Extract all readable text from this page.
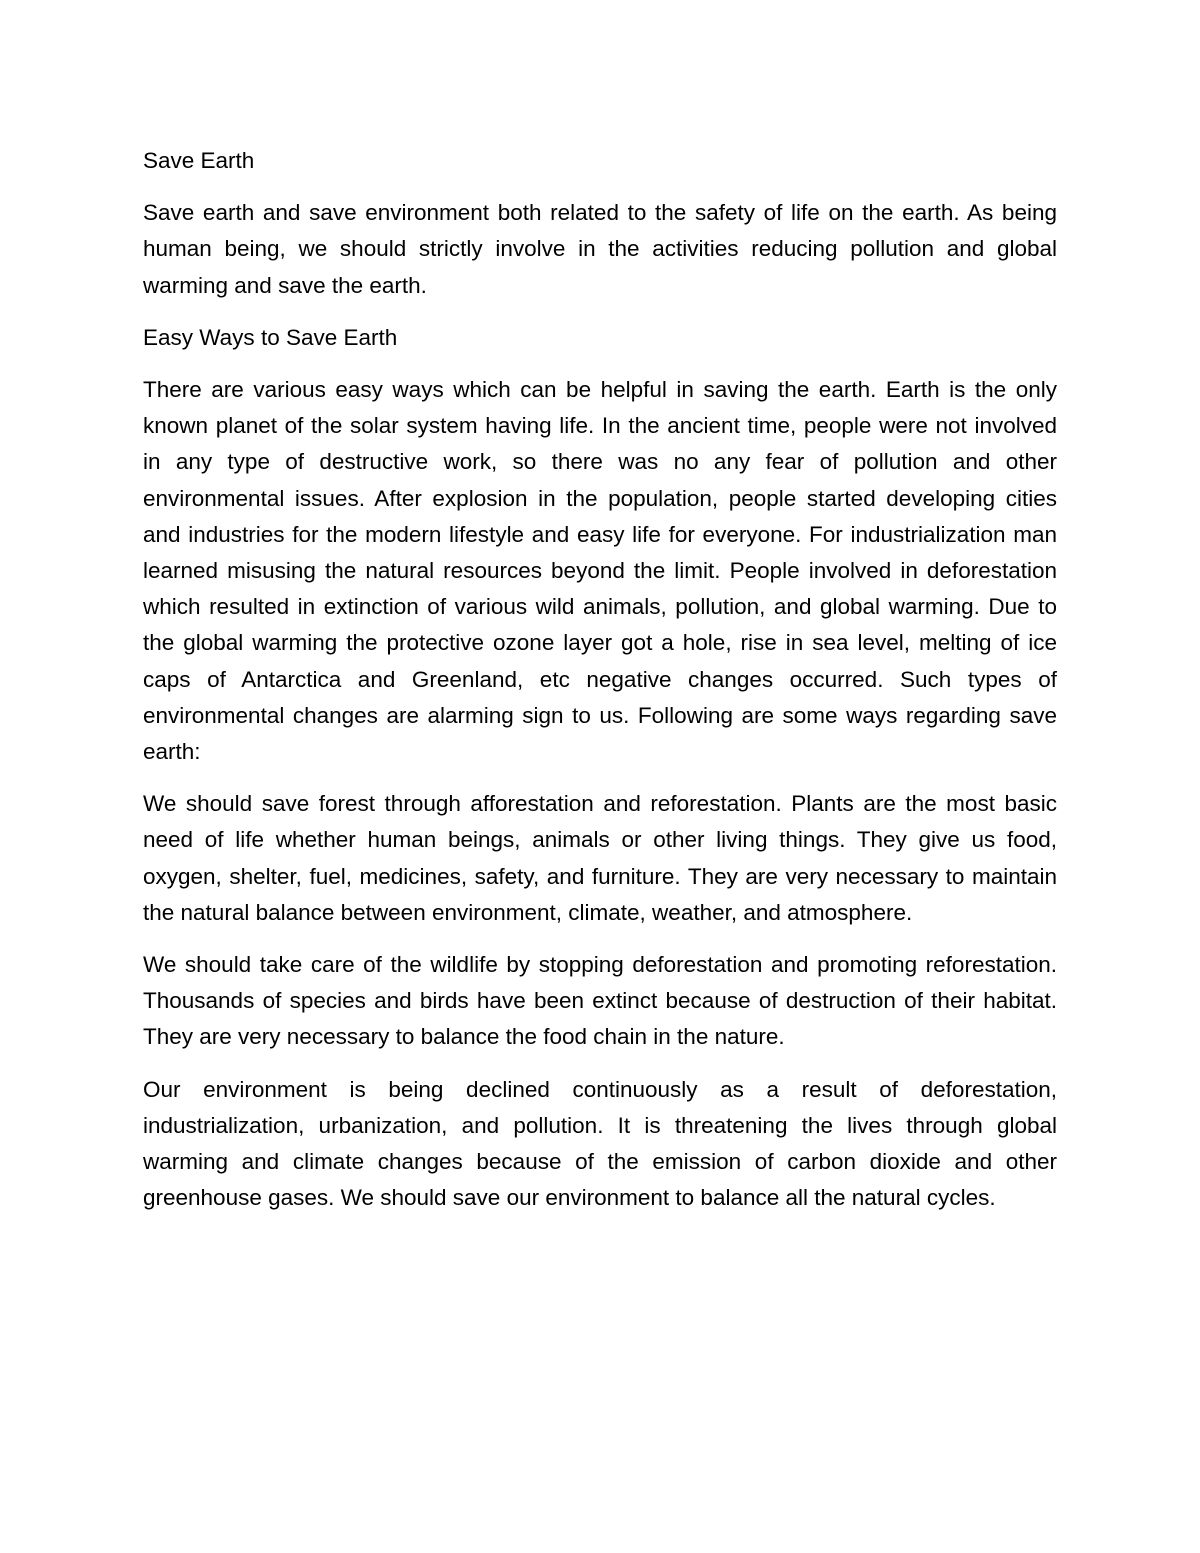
Save Earth

Save earth and save environment both related to the safety of life on the earth. As being human being, we should strictly involve in the activities reducing pollution and global warming and save the earth.

Easy Ways to Save Earth

There are various easy ways which can be helpful in saving the earth. Earth is the only known planet of the solar system having life. In the ancient time, people were not involved in any type of destructive work, so there was no any fear of pollution and other environmental issues. After explosion in the population, people started developing cities and industries for the modern lifestyle and easy life for everyone. For industrialization man learned misusing the natural resources beyond the limit. People involved in deforestation which resulted in extinction of various wild animals, pollution, and global warming. Due to the global warming the protective ozone layer got a hole, rise in sea level, melting of ice caps of Antarctica and Greenland, etc negative changes occurred. Such types of environmental changes are alarming sign to us. Following are some ways regarding save earth:

We should save forest through afforestation and reforestation. Plants are the most basic need of life whether human beings, animals or other living things. They give us food, oxygen, shelter, fuel, medicines, safety, and furniture. They are very necessary to maintain the natural balance between environment, climate, weather, and atmosphere.

We should take care of the wildlife by stopping deforestation and promoting reforestation. Thousands of species and birds have been extinct because of destruction of their habitat. They are very necessary to balance the food chain in the nature.

Our environment is being declined continuously as a result of deforestation, industrialization, urbanization, and pollution. It is threatening the lives through global warming and climate changes because of the emission of carbon dioxide and other greenhouse gases. We should save our environment to balance all the natural cycles.
